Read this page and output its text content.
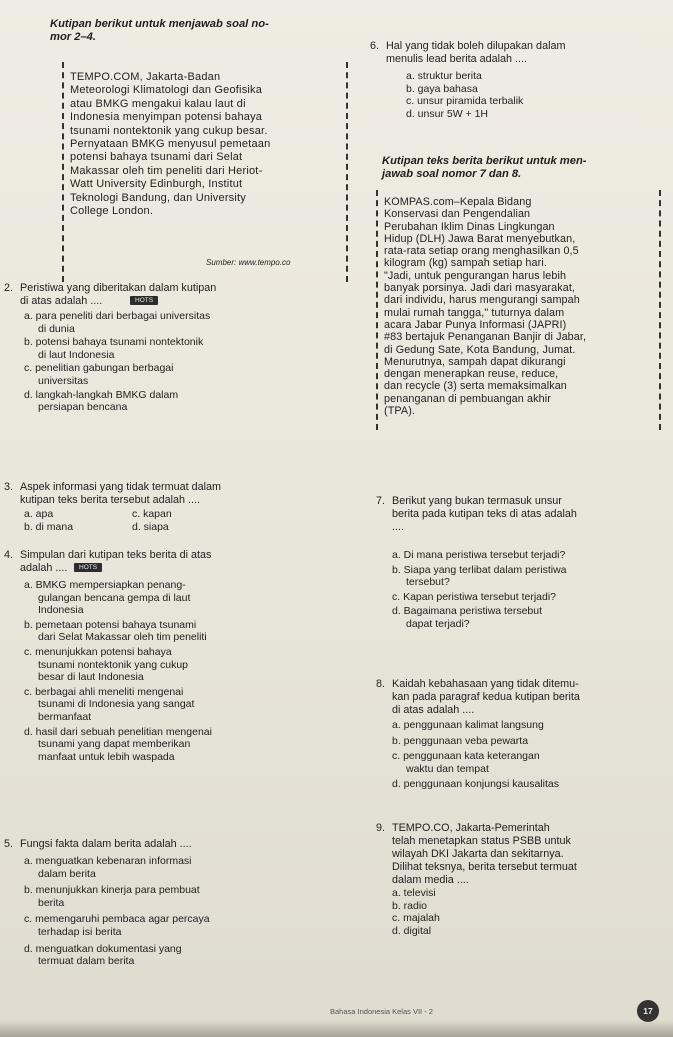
Kutipan berikut untuk menjawab soal no-
mor 2–4.

TEMPO.COM, Jakarta-Badan
Meteorologi Klimatologi dan Geofisika
atau BMKG mengakui kalau laut di
Indonesia menyimpan potensi bahaya
tsunami nontektonik yang cukup besar.
Pernyataan BMKG menyusul pemetaan
potensi bahaya tsunami dari Selat
Makassar oleh tim peneliti dari Heriot-
Watt University Edinburgh, Institut
Teknologi Bandung, dan University
College London.

Sumber: www.tempo.co
2. Peristiwa yang diberitakan dalam kutipan
di atas adalah ....	HOTS
a. para peneliti dari berbagai universitas
di dunia
b. potensi bahaya tsunami nontektonik
di laut Indonesia
c. penelitian gabungan berbagai
universitas
d. langkah-langkah BMKG dalam
persiapan bencana
3. Aspek informasi yang tidak termuat dalam
kutipan teks berita tersebut adalah ....
a. apa
b. di mana
c. kapan
d. siapa
4. Simpulan dari kutipan teks berita di atas
adalah ....	HOTS
a. BMKG mempersiapkan penang-
gulangan bencana gempa di laut
Indonesia
b. pemetaan potensi bahaya tsunami
dari Selat Makassar oleh tim peneliti
c. menunjukkan potensi bahaya
tsunami nontektonik yang cukup
besar di laut Indonesia
c. berbagai ahli meneliti mengenai
tsunami di Indonesia yang sangat
bermanfaat
d. hasil dari sebuah penelitian mengenai
tsunami yang dapat memberikan
manfaat untuk lebih waspada
5. Fungsi fakta dalam berita adalah ....
a. menguatkan kebenaran informasi
dalam berita
b. menunjukkan kinerja para pembuat
berita
c. memengaruhi pembaca agar percaya
terhadap isi berita
d. menguatkan dokumentasi yang
termuat dalam berita
6. Hal yang tidak boleh dilupakan dalam
menulis lead berita adalah ....
a. struktur berita
b. gaya bahasa
c. unsur piramida terbalik
d. unsur 5W + 1H

Kutipan teks berita berikut untuk men-
jawab soal nomor 7 dan 8.

KOMPAS.com–Kepala Bidang
Konservasi dan Pengendalian
Perubahan Iklim Dinas Lingkungan
Hidup (DLH) Jawa Barat menyebutkan,
rata-rata setiap orang menghasilkan 0,5
kilogram (kg) sampah setiap hari.
"Jadi, untuk pengurangan harus lebih
banyak porsinya. Jadi dari masyarakat,
dari individu, harus mengurangi sampah
mulai rumah tangga," tuturnya dalam
acara Jabar Punya Informasi (JAPRI)
#83 bertajuk Penanganan Banjir di Jabar,
di Gedung Sate, Kota Bandung, Jumat.
Menurutnya, sampah dapat dikurangi
dengan menerapkan reuse, reduce,
dan recycle (3) serta memaksimalkan
penanganan di pembuangan akhir
(TPA).

7. Berikut yang bukan termasuk unsur
berita pada kutipan teks di atas adalah
....
a. Di mana peristiwa tersebut terjadi?
b. Siapa yang terlibat dalam peristiwa
tersebut?
c. Kapan peristiwa tersebut terjadi?
d. Bagaimana peristiwa tersebut
dapat terjadi?
8. Kaidah kebahasaan yang tidak ditemu-
kan pada paragraf kedua kutipan berita
di atas adalah ....
a. penggunaan kalimat langsung
b. penggunaan veba pewarta
c. penggunaan kata keterangan
waktu dan tempat
d. penggunaan konjungsi kausalitas
9. TEMPO.CO, Jakarta-Pemerintah
telah menetapkan status PSBB untuk
wilayah DKI Jakarta dan sekitarnya.
Dilihat teksnya, berita tersebut termuat
dalam media ....
a. televisi
b. radio
c. majalah
d. digital
Bahasa Indonesia Kelas VII - 2	17
